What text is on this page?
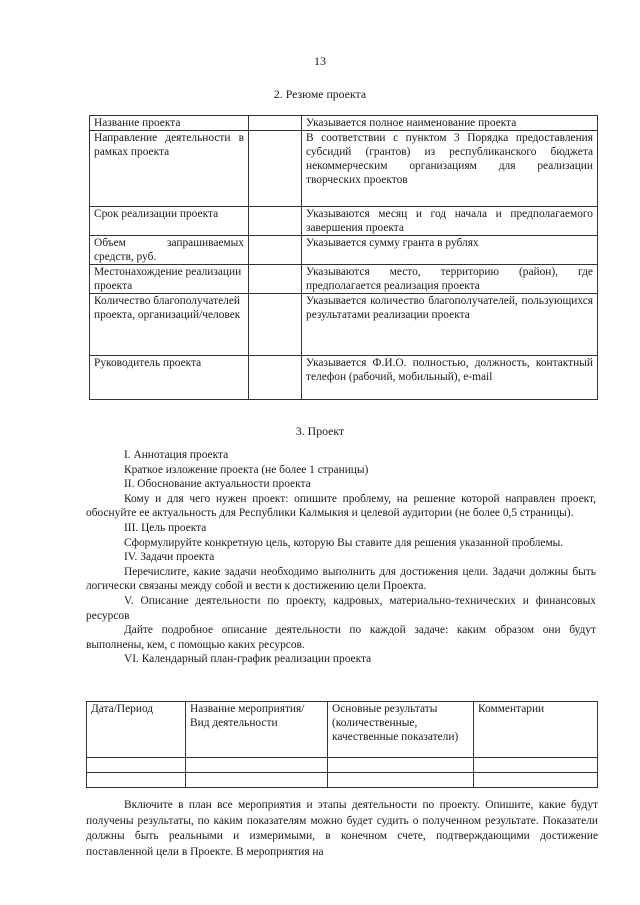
13
2. Резюме проекта
Название проекта		Указывается полное наименование проекта
Направление деятельности в рамках проекта		В соответствии с пунктом 3 Порядка предоставления субсидий (грантов) из республиканского бюджета некоммерческим организациям для реализации творческих проектов
Срок реализации проекта		Указываются месяц и год начала и предполагаемого завершения проекта
Объем запрашиваемых средств, руб.		Указывается сумму гранта в рублях
Местонахождение реализации проекта		Указываются место, территорию (район), где предполагается реализация проекта
Количество благополучателей проекта, организаций/человек		Указывается количество благополучателей, пользующихся результатами реализации проекта
Руководитель проекта		Указывается Ф.И.О. полностью, должность, контактный телефон (рабочий, мобильный), e-mail
3. Проект

I. Аннотация проекта

Краткое изложение проекта (не более 1 страницы)

II. Обоснование актуальности проекта

Кому и для чего нужен проект: опишите проблему, на решение которой направлен проект, обоснуйте ее актуальность для Республики Калмыкия и целевой аудитории (не более 0,5 страницы).

III. Цель проекта

Сформулируйте конкретную цель, которую Вы ставите для решения указанной проблемы.

IV. Задачи проекта

Перечислите, какие задачи необходимо выполнить для достижения цели. Задачи должны быть логически связаны между собой и вести к достижению цели Проекта.

V. Описание деятельности по проекту, кадровых, материально-технических и финансовых ресурсов

Дайте подробное описание деятельности по каждой задаче: каким образом они будут выполнены, кем, с помощью каких ресурсов.

VI. Календарный план-график реализации проекта

Дата/Период	Название мероприятия/ Вид деятельности	Основные результаты (количественные, качественные показатели)	Комментарии

Включите в план все мероприятия и этапы деятельности по проекту. Опишите, какие будут получены результаты, по каким показателям можно будет судить о полученном результате. Показатели должны быть реальными и измеримыми, в конечном счете, подтверждающими достижение поставленной цели в Проекте. В мероприятия на
